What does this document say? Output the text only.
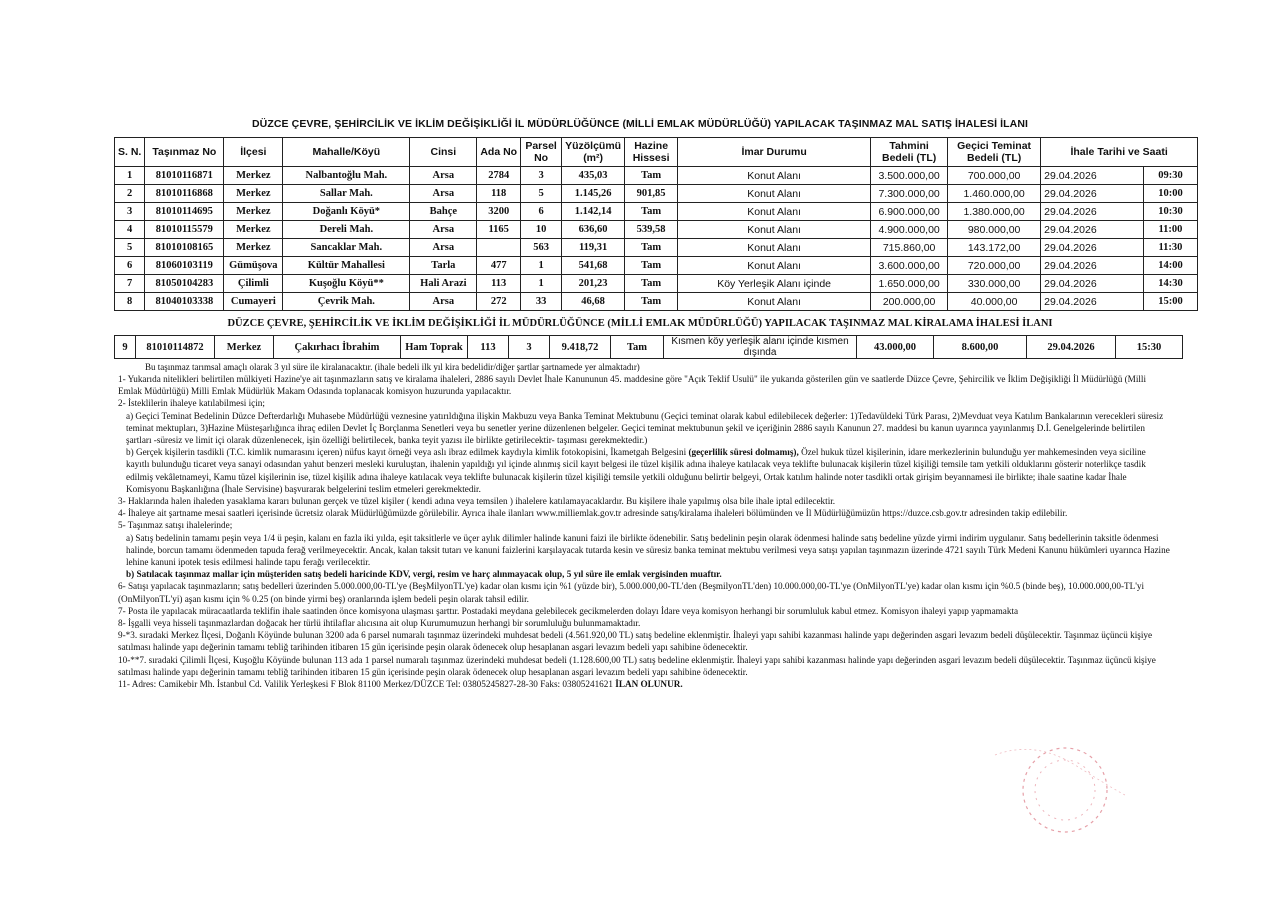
DÜZCE ÇEVRE, ŞEHİRCİLİK VE İKLİM DEĞİŞİKLİĞİ İL MÜDÜRLÜĞÜNCE (MİLLİ EMLAK MÜDÜRLÜĞÜ) YAPILACAK TAŞINMAZ MAL SATIŞ İHALESİ İLANI
S. N.	Taşınmaz No	İlçesi	Mahalle/Köyü	Cinsi	Ada No	Parsel No	Yüzölçümü (m²)	Hazine Hissesi	İmar Durumu	Tahmini Bedeli (TL)	Geçici Teminat Bedeli (TL)	İhale Tarihi ve Saati	
1	81010116871	Merkez	Nalbantoğlu Mah.	Arsa	2784	3	435,03	Tam	Konut Alanı	3.500.000,00	700.000,00	29.04.2026	09:30
2	81010116868	Merkez	Sallar Mah.	Arsa	118	5	1.145,26	901,85	Konut Alanı	7.300.000,00	1.460.000,00	29.04.2026	10:00
3	81010114695	Merkez	Doğanlı Köyü*	Bahçe	3200	6	1.142,14	Tam	Konut Alanı	6.900.000,00	1.380.000,00	29.04.2026	10:30
4	81010115579	Merkez	Dereli Mah.	Arsa	1165	10	636,60	539,58	Konut Alanı	4.900.000,00	980.000,00	29.04.2026	11:00
5	81010108165	Merkez	Sancaklar Mah.	Arsa		563	119,31	Tam	Konut Alanı	715.860,00	143.172,00	29.04.2026	11:30
6	81060103119	Gümüşova	Kültür Mahallesi	Tarla	477	1	541,68	Tam	Konut Alanı	3.600.000,00	720.000,00	29.04.2026	14:00
7	81050104283	Çilimli	Kuşoğlu Köyü**	Hali Arazi	113	1	201,23	Tam	Köy Yerleşik Alanı içinde	1.650.000,00	330.000,00	29.04.2026	14:30
8	81040103338	Cumayeri	Çevrik Mah.	Arsa	272	33	46,68	Tam	Konut Alanı	200.000,00	40.000,00	29.04.2026	15:00
DÜZCE ÇEVRE, ŞEHİRCİLİK VE İKLİM DEĞİŞİKLİĞİ İL MÜDÜRLÜĞÜNCE (MİLLİ EMLAK MÜDÜRLÜĞÜ) YAPILACAK TAŞINMAZ MAL KİRALAMA İHALESİ İLANI
9	81010114872	Merkez	Çakırhacı İbrahim	Ham Toprak	113	3	9.418,72	Tam	Kısmen köy yerleşik alanı içinde kısmen dışında	43.000,00	8.600,00	29.04.2026	15:30
Bu taşınmaz tarımsal amaçlı olarak 3 yıl süre ile kiralanacaktır. (ihale bedeli ilk yıl kira bedelidir/diğer şartlar şartnamede yer almaktadır)

1- Yukarıda nitelikleri belirtilen mülkiyeti Hazine'ye ait taşınmazların satış ve kiralama ihaleleri, 2886 sayılı Devlet İhale Kanununun 45. maddesine göre "Açık Teklif Usulü" ile yukarıda gösterilen gün ve saatlerde Düzce Çevre, Şehircilik ve İklim Değişikliği İl Müdürlüğü (Milli Emlak Müdürlüğü) Milli Emlak Müdürlük Makam Odasında toplanacak komisyon huzurunda yapılacaktır.

2- İsteklilerin ihaleye katılabilmesi için;

a) Geçici Teminat Bedelinin Düzce Defterdarlığı Muhasebe Müdürlüğü veznesine yatırıldığına ilişkin Makbuzu veya Banka Teminat Mektubunu (Geçici teminat olarak kabul edilebilecek değerler: 1)Tedavüldeki Türk Parası, 2)Mevduat veya Katılım Bankalarının verecekleri süresiz teminat mektupları, 3)Hazine Müsteşarlığınca ihraç edilen Devlet İç Borçlanma Senetleri veya bu senetler yerine düzenlenen belgeler. Geçici teminat mektubunun şekil ve içeriğinin 2886 sayılı Kanunun 27. maddesi bu kanun uyarınca yayınlanmış D.İ. Genelgelerinde belirtilen şartları -süresiz ve limit içi olarak düzenlenecek, işin özelliği belirtilecek, banka teyit yazısı ile birlikte getirilecektir- taşıması gerekmektedir.)

b) Gerçek kişilerin tasdikli (T.C. kimlik numarasını içeren) nüfus kayıt örneği veya aslı ibraz edilmek kaydıyla kimlik fotokopisini, İkametgah Belgesini (geçerlilik süresi dolmamış), Özel hukuk tüzel kişilerinin, idare merkezlerinin bulunduğu yer mahkemesinden veya siciline kayıtlı bulunduğu ticaret veya sanayi odasından yahut benzeri mesleki kuruluştan, ihalenin yapıldığı yıl içinde alınmış sicil kayıt belgesi ile tüzel kişilik adına ihaleye katılacak veya teklifte bulunacak kişilerin tüzel kişiliği temsile tam yetkili olduklarını gösterir noterlikçe tasdik edilmiş vekâletnameyi, Kamu tüzel kişilerinin ise, tüzel kişilik adına ihaleye katılacak veya teklifte bulunacak kişilerin tüzel kişiliği temsile yetkili olduğunu belirtir belgeyi, Ortak katılım halinde noter tasdikli ortak girişim beyannamesi ile birlikte; ihale saatine kadar İhale Komisyonu Başkanlığına (İhale Servisine) başvurarak belgelerini teslim etmeleri gerekmektedir.

3- Haklarında halen ihaleden yasaklama kararı bulunan gerçek ve tüzel kişiler ( kendi adına veya temsilen ) ihalelere katılamayacaklardır. Bu kişilere ihale yapılmış olsa bile ihale iptal edilecektir.

4- İhaleye ait şartname mesai saatleri içerisinde ücretsiz olarak Müdürlüğümüzde görülebilir. Ayrıca ihale ilanları www.milliemlak.gov.tr adresinde satış/kiralama ihaleleri bölümünden ve İl Müdürlüğümüzün https://duzce.csb.gov.tr adresinden takip edilebilir.

5- Taşınmaz satışı ihalelerinde;

a) Satış bedelinin tamamı peşin veya 1/4 ü peşin, kalanı en fazla iki yılda, eşit taksitlerle ve üçer aylık dilimler halinde kanuni faizi ile birlikte ödenebilir. Satış bedelinin peşin olarak ödenmesi halinde satış bedeline yüzde yirmi indirim uygulanır. Satış bedellerinin taksitle ödenmesi halinde, borcun tamamı ödenmeden tapuda ferağ verilmeyecektir. Ancak, kalan taksit tutarı ve kanuni faizlerini karşılayacak tutarda kesin ve süresiz banka teminat mektubu verilmesi veya satışı yapılan taşınmazın üzerinde 4721 sayılı Türk Medeni Kanunu hükümleri uyarınca Hazine lehine kanuni ipotek tesis edilmesi halinde tapu ferağı verilecektir.

b) Satılacak taşınmaz mallar için müşteriden satış bedeli haricinde KDV, vergi, resim ve harç alınmayacak olup, 5 yıl süre ile emlak vergisinden muaftır.

6- Satışı yapılacak taşınmazların; satış bedelleri üzerinden 5.000.000,00-TL'ye (BeşMilyonTL'ye) kadar olan kısmı için %1 (yüzde bir), 5.000.000,00-TL'den (BeşmilyonTL'den) 10.000.000,00-TL'ye (OnMilyonTL'ye) kadar olan kısmı için %0.5 (binde beş), 10.000.000,00-TL'yi (OnMilyonTL'yi) aşan kısmı için % 0.25 (on binde yirmi beş) oranlarında işlem bedeli peşin olarak tahsil edilir.

7- Posta ile yapılacak müracaatlarda teklifin ihale saatinden önce komisyona ulaşması şarttır. Postadaki meydana gelebilecek gecikmelerden dolayı İdare veya komisyon herhangi bir sorumluluk kabul etmez. Komisyon ihaleyi yapıp yapmamakta

8- İşgalli veya hisseli taşınmazlardan doğacak her türlü ihtilaflar alıcısına ait olup Kurumumuzun herhangi bir sorumluluğu bulunmamaktadır.

9-*3. sıradaki Merkez İlçesi, Doğanlı Köyünde bulunan 3200 ada 6 parsel numaralı taşınmaz üzerindeki muhdesat bedeli (4.561.920,00 TL) satış bedeline eklenmiştir. İhaleyi yapı sahibi kazanması halinde yapı değerinden asgari levazım bedeli düşülecektir. Taşınmaz üçüncü kişiye satılması halinde yapı değerinin tamamı tebliğ tarihinden itibaren 15 gün içerisinde peşin olarak ödenecek olup hesaplanan asgari levazım bedeli yapı sahibine ödenecektir.

10-**7. sıradaki Çilimli İlçesi, Kuşoğlu Köyünde bulunan 113 ada 1 parsel numaralı taşınmaz üzerindeki muhdesat bedeli (1.128.600,00 TL) satış bedeline eklenmiştir. İhaleyi yapı sahibi kazanması halinde yapı değerinden asgari levazım bedeli düşülecektir. Taşınmaz üçüncü kişiye satılması halinde yapı değerinin tamamı tebliğ tarihinden itibaren 15 gün içerisinde peşin olarak ödenecek olup hesaplanan asgari levazım bedeli yapı sahibine ödenecektir.

11- Adres: Camikebir Mh. İstanbul Cd. Valilik Yerleşkesi F Blok 81100 Merkez/DÜZCE Tel: 03805245827-28-30 Faks: 03805241621 İLAN OLUNUR.
